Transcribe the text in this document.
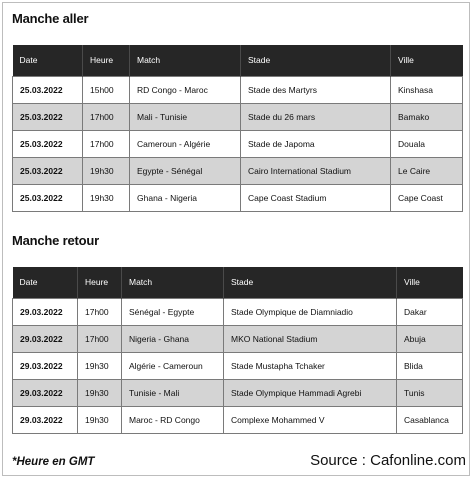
Manche aller
Date	Heure	Match	Stade	Ville
25.03.2022	15h00	RD Congo - Maroc	Stade des Martyrs	Kinshasa
25.03.2022	17h00	Mali - Tunisie	Stade du 26 mars	Bamako
25.03.2022	17h00	Cameroun - Algérie	Stade de Japoma	Douala
25.03.2022	19h30	Egypte - Sénégal	Cairo International Stadium	Le Caire
25.03.2022	19h30	Ghana - Nigeria	Cape Coast Stadium	Cape Coast
Manche retour
Date	Heure	Match	Stade	Ville
29.03.2022	17h00	Sénégal - Egypte	Stade Olympique de Diamniadio	Dakar
29.03.2022	17h00	Nigeria - Ghana	MKO National Stadium	Abuja
29.03.2022	19h30	Algérie - Cameroun	Stade Mustapha Tchaker	Blida
29.03.2022	19h30	Tunisie - Mali	Stade Olympique Hammadi Agrebi	Tunis
29.03.2022	19h30	Maroc - RD Congo	Complexe Mohammed V	Casablanca
*Heure en GMT	Source : Cafonline.com
